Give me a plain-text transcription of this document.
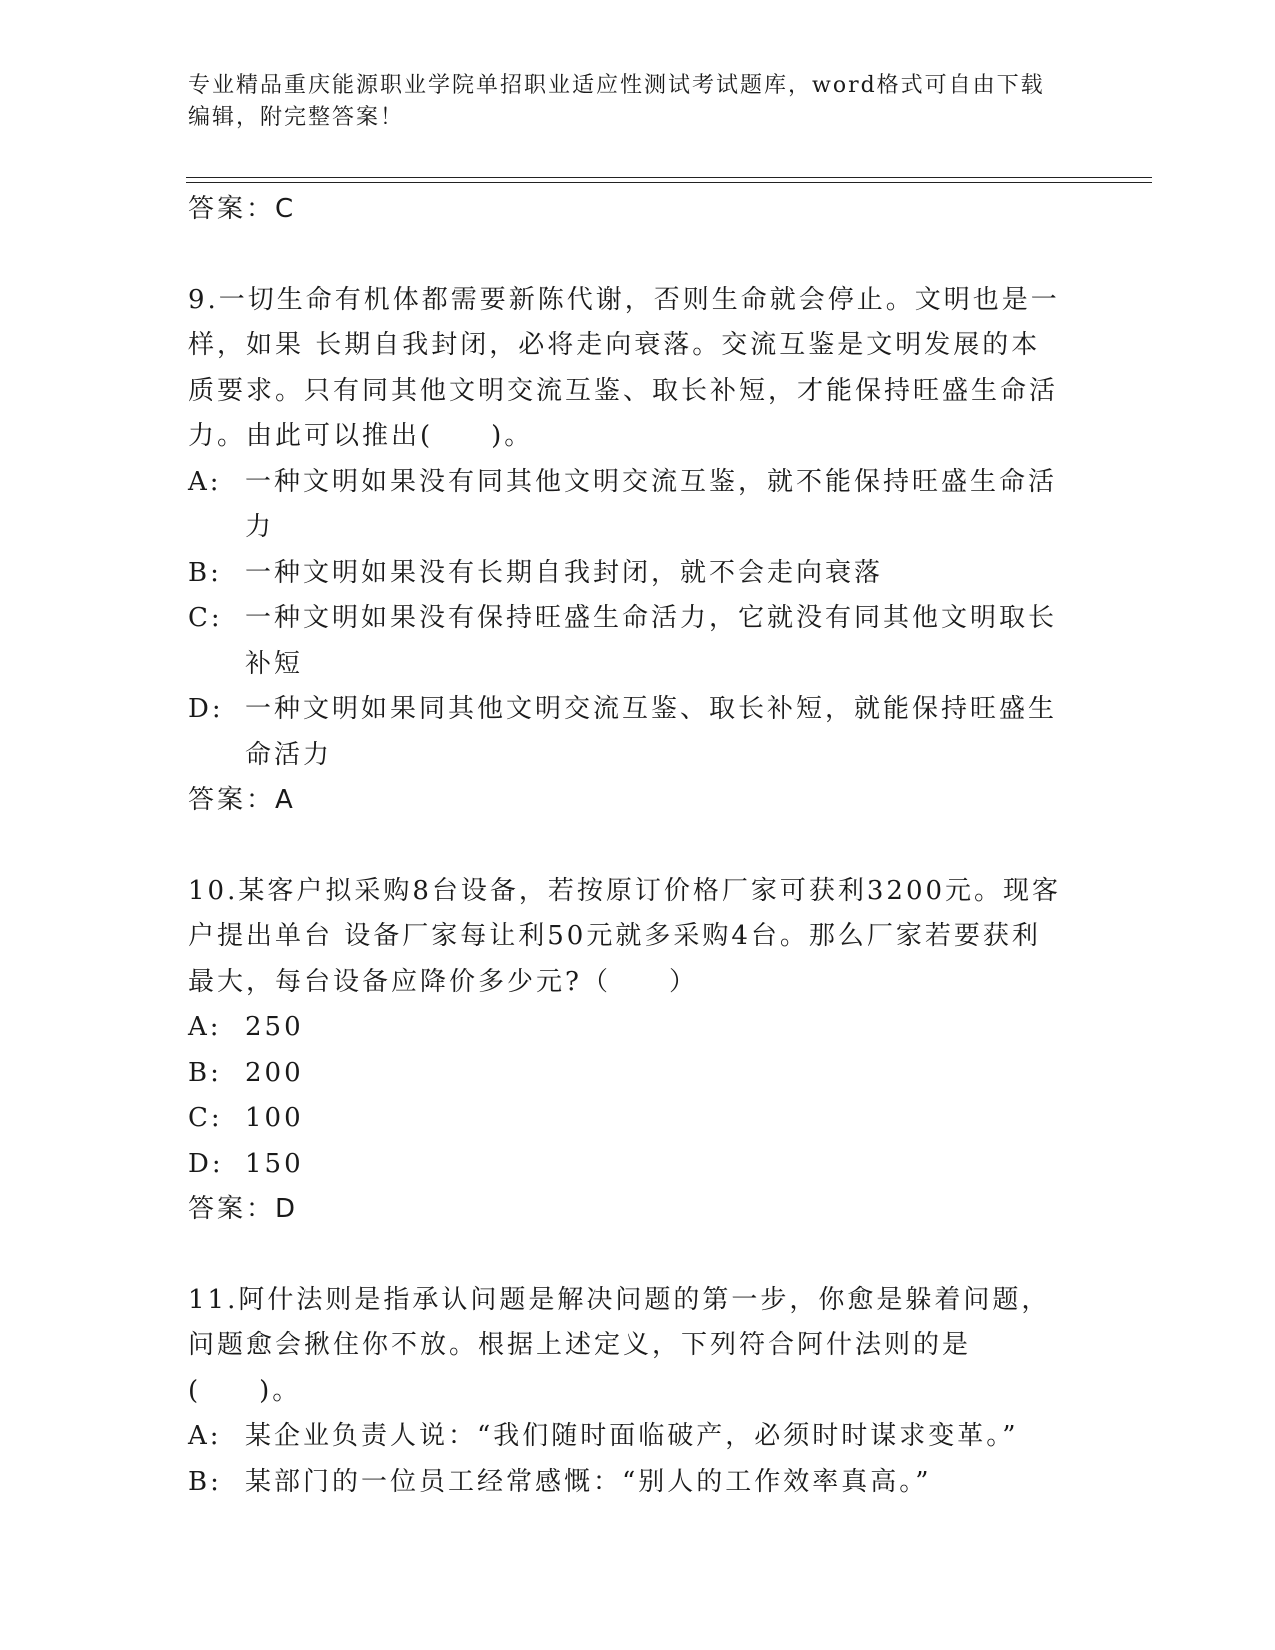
专业精品重庆能源职业学院单招职业适应性测试考试题库，word格式可自由下载编辑，附完整答案！
答案：C
9.一切生命有机体都需要新陈代谢，否则生命就会停止。文明也是一样，如果 长期自我封闭，必将走向衰落。交流互鉴是文明发展的本质要求。只有同其他文明交流互鉴、取长补短，才能保持旺盛生命活力。由此可以推出(　　)。
A: 一种文明如果没有同其他文明交流互鉴，就不能保持旺盛生命活力
B: 一种文明如果没有长期自我封闭，就不会走向衰落
C: 一种文明如果没有保持旺盛生命活力，它就没有同其他文明取长补短
D: 一种文明如果同其他文明交流互鉴、取长补短，就能保持旺盛生命活力
答案：A
10.某客户拟采购8台设备，若按原订价格厂家可获利3200元。现客户提出单台 设备厂家每让利50元就多采购4台。那么厂家若要获利最大，每台设备应降价多少元?（　　）
A: 250
B: 200
C: 100
D: 150
答案：D
11.阿什法则是指承认问题是解决问题的第一步，你愈是躲着问题，问题愈会揪住你不放。根据上述定义，下列符合阿什法则的是(　　)。
A: 某企业负责人说：“我们随时面临破产，必须时时谋求变革。”
B: 某部门的一位员工经常感慨：“别人的工作效率真高。”
